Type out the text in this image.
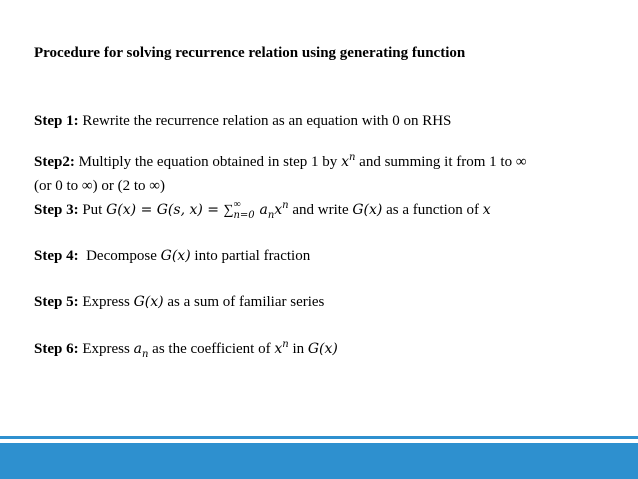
Procedure for solving recurrence relation using generating function
Step 1: Rewrite the recurrence relation as an equation with 0 on RHS
Step2: Multiply the equation obtained in step 1 by $x^n$ and summing it from 1 to ∞
(or 0 to ∞) or (2 to ∞)
Step 3: Put G(x) = G(s, x) = ∑ ∞
n=0 $a_nx^n$ and write G(x) as a function of x
Step 4:  Decompose G(x) into partial fraction
Step 5: Express G(x) as a sum of familiar series
Step 6: Express $a_n$ as the coefficient of $x^n$ in G(x)
